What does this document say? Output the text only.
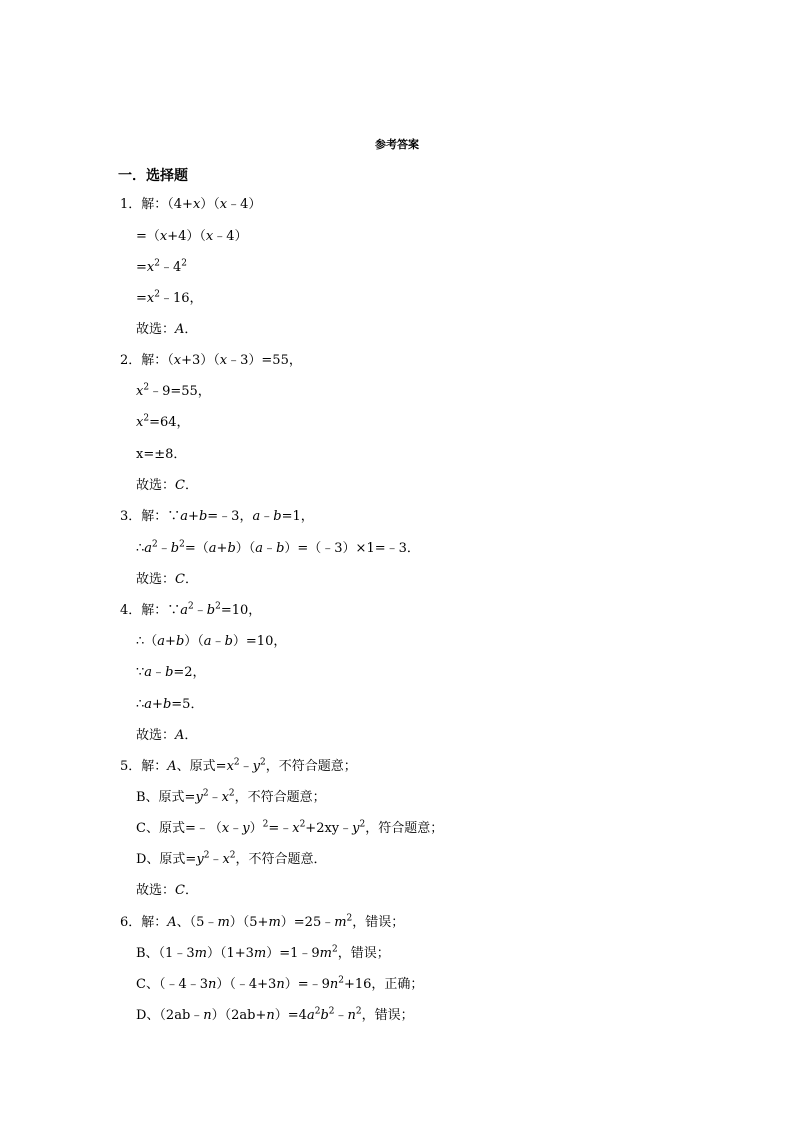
参考答案
一．选择题
1．解：（4+x）（x﹣4）
=（x+4）（x﹣4）
$=x^2﹣4^2$
$=x^2﹣16$，
故选：A．
2．解：（x+3）（x﹣3）=55，
$x^2﹣9=55$，
$x^2=64$，
x=±8．
故选：C．
3．解：∵a+b=﹣3，a﹣b=1，
$\therefore a^2﹣b^2=(a+b)(a﹣b)=(﹣3)\times 1=﹣3$．
故选：C．
4．解：$\because a^2﹣b^2=10$，
∴（a+b）（a﹣b）=10，
∵a﹣b=2，
∴a+b=5．
故选：A．
5．解：A、原式$=x^2﹣y^2$，不符合题意；
B、原式$=y^2﹣x^2$，不符合题意；
C、原式$=﹣(x﹣y)^2=﹣x^2+2xy﹣y^2$，符合题意；
D、原式$=y^2﹣x^2$，不符合题意．
故选：C．
6．解：A、$(5﹣m)(5+m)=25﹣m^2$，错误；
B、$(1﹣3m)(1+3m)=1﹣9m^2$，错误；
C、$(﹣4﹣3n)(﹣4+3n)=﹣9n^2+16$，正确；
D、$(2ab﹣n)(2ab+n)=4a^2b^2﹣n^2$，错误；
